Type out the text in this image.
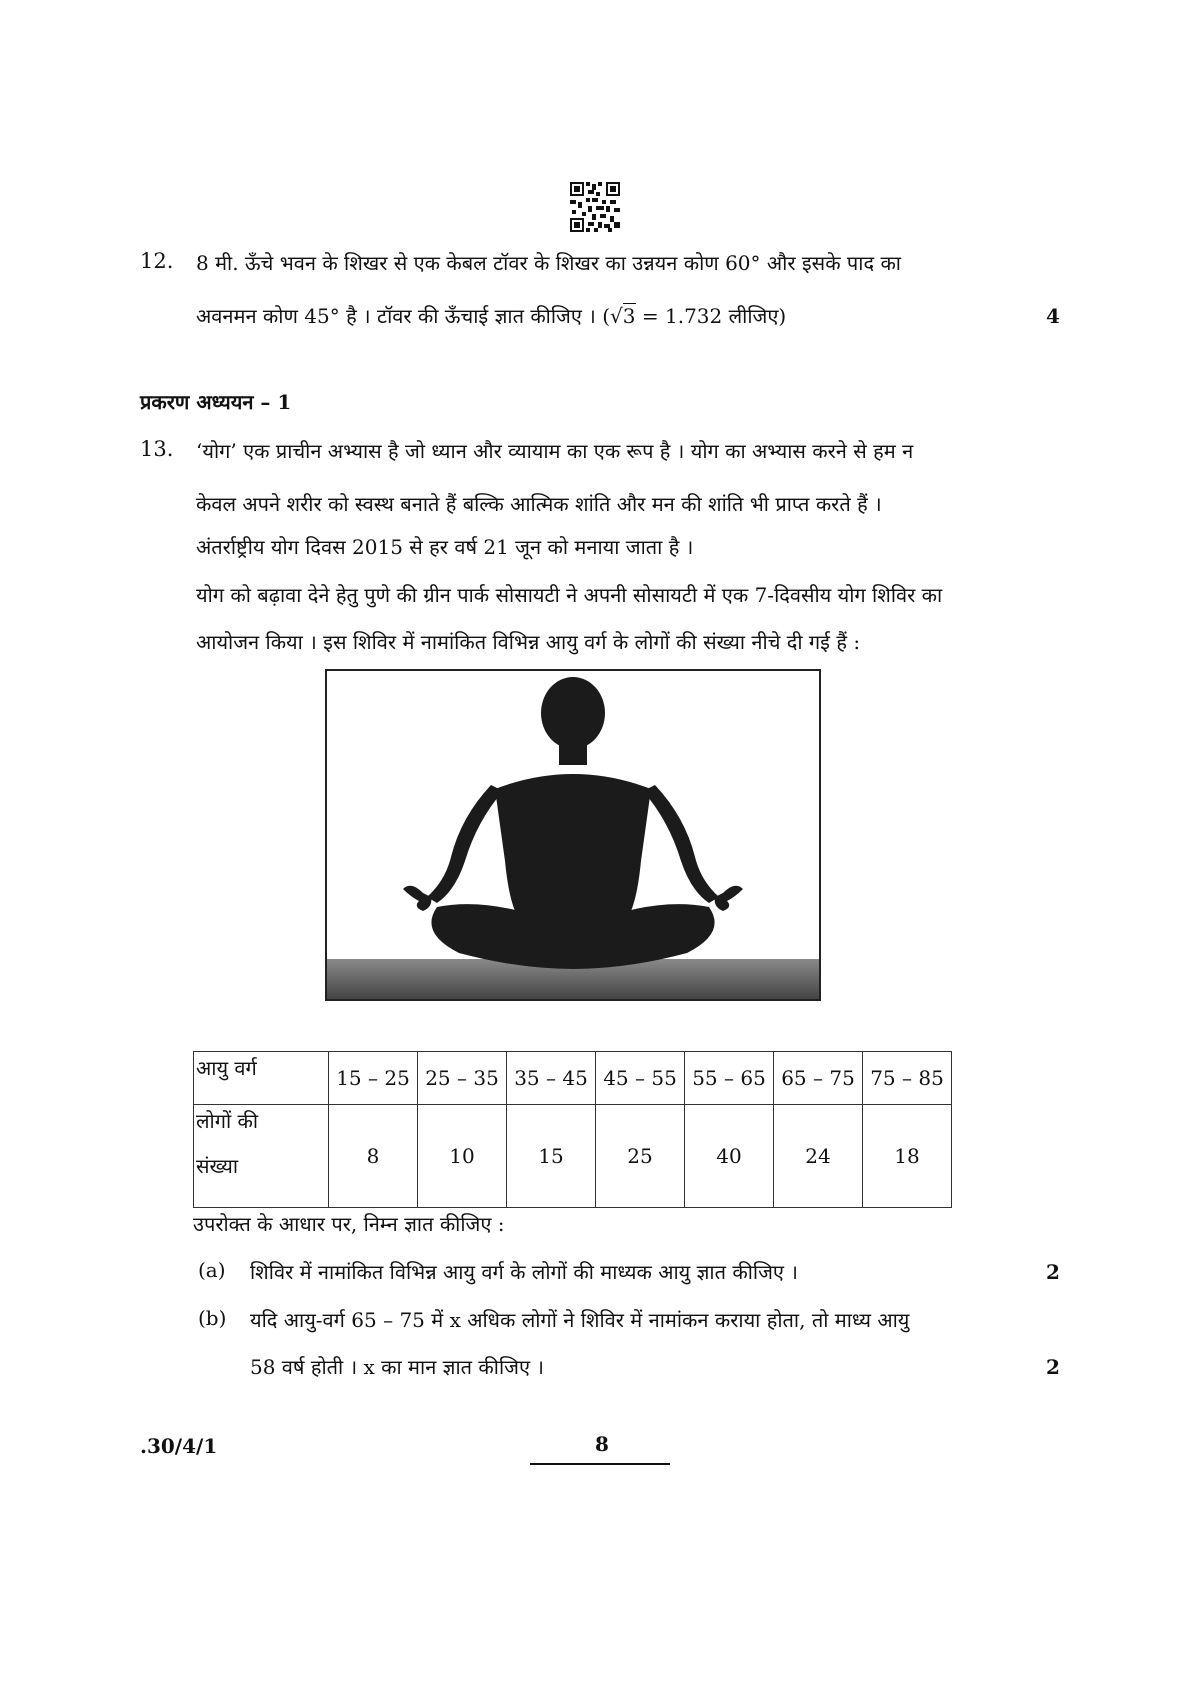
12. 8 मी. ऊँचे भवन के शिखर से एक केबल टॉवर के शिखर का उन्नयन कोण 60° और इसके पाद का
अवनमन कोण 45° है । टॉवर की ऊँचाई ज्ञात कीजिए । (√3 = 1.732 लीजिए)	4
प्रकरण अध्ययन – 1
13. ‘योग’ एक प्राचीन अभ्यास है जो ध्यान और व्यायाम का एक रूप है । योग का अभ्यास करने से हम न
केवल अपने शरीर को स्वस्थ बनाते हैं बल्कि आत्मिक शांति और मन की शांति भी प्राप्त करते हैं ।
अंतर्राष्ट्रीय योग दिवस 2015 से हर वर्ष 21 जून को मनाया जाता है ।
योग को बढ़ावा देने हेतु पुणे की ग्रीन पार्क सोसायटी ने अपनी सोसायटी में एक 7-दिवसीय योग शिविर का
आयोजन किया । इस शिविर में नामांकित विभिन्न आयु वर्ग के लोगों की संख्या नीचे दी गई हैं :
आयु वर्ग	15 – 25	25 – 35	35 – 45	45 – 55	55 – 65	65 – 75	75 – 85

लोगों की
संख्या	8	10	15	25	40	24	18
उपरोक्त के आधार पर, निम्न ज्ञात कीजिए :
(a) शिविर में नामांकित विभिन्न आयु वर्ग के लोगों की माध्यक आयु ज्ञात कीजिए ।	2
(b) यदि आयु-वर्ग 65 – 75 में x अधिक लोगों ने शिविर में नामांकन कराया होता, तो माध्य आयु
58 वर्ष होती । x का मान ज्ञात कीजिए ।	2
.30/4/1	8
